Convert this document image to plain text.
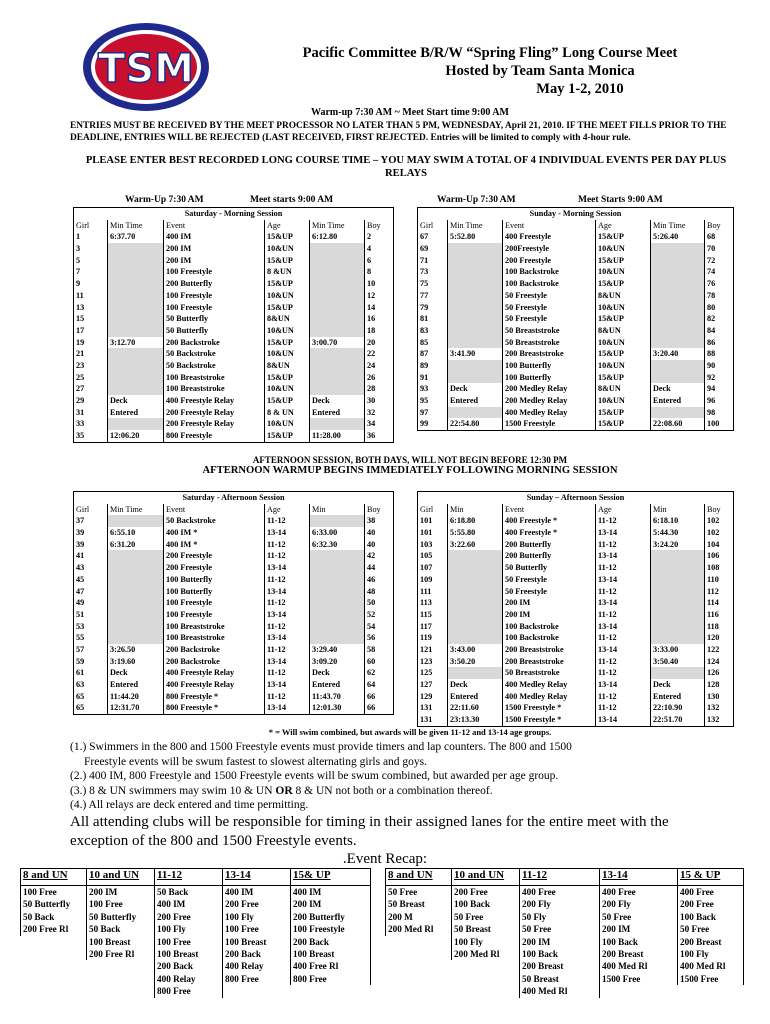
TSM	Pacific Committee B/R/W “Spring Fling” Long Course Meet
Hosted by Team Santa Monica
May 1-2, 2010
Warm-up 7:30 AM ~ Meet Start time 9:00 AM
ENTRIES MUST BE RECEIVED BY THE MEET PROCESSOR NO LATER THAN 5 PM, WEDNESDAY, April 21, 2010. IF THE MEET FILLS PRIOR TO THE DEADLINE, ENTRIES WILL BE REJECTED (LAST RECEIVED, FIRST REJECTED. Entries will be limited to comply with 4-hour rule.
PLEASE ENTER BEST RECORDED LONG COURSE TIME – YOU MAY SWIM A TOTAL OF 4 INDIVIDUAL EVENTS PER DAY PLUS RELAYS
Warm-Up 7:30 AM	Meet starts 9:00 AM	Warm-Up 7:30 AM	Meet Starts 9:00 AM
Saturday - Morning Session					
Girl	Min Time	Event	Age	Min Time	Boy
1	6:37.70	400 IM	15&UP	6:12.80	2
3		200 IM	10&UN		4
5		200 IM	15&UP		6
7		100 Freestyle	8 &UN		8
9		200 Butterfly	15&UP		10
11		100 Freestyle	10&UN		12
13		100 Freestyle	15&UP		14
15		50 Butterfly	8&UN		16
17		50 Butterfly	10&UN		18
19	3:12.70	200 Backstroke	15&UP	3:00.70	20
21		50 Backstroke	10&UN		22
23		50 Backstroke	8&UN		24
25		100 Breaststroke	15&UP		26
27		100 Breaststroke	10&UN		28
29	Deck	400 Freestyle Relay	15&UP	Deck	30
31	Entered	200 Freestyle Relay	8 & UN	Entered	32
33		200 Freestyle Relay	10&UN		34
35	12:06.20	800 Freestyle	15&UP	11:28.00	36
Sunday - Morning Session					
Girl	Min Time	Event	Age	Min Time	Boy
67	5:52.80	400 Freestyle	15&UP	5:26.40	68
69		200Freestyle	10&UN		70
71		200 Freestyle	15&UP		72
73		100 Backstroke	10&UN		74
75		100 Backstroke	15&UP		76
77		50 Freestyle	8&UN		78
79		50 Freestyle	10&UN		80
81		50 Freestyle	15&UP		82
83		50 Breaststroke	8&UN		84
85		50 Breaststroke	10&UN		86
87	3:41.90	200 Breaststroke	15&UP	3:20.40	88
89		100 Butterfly	10&UN		90
91		100 Butterfly	15&UP		92
93	Deck	200 Medley Relay	8&UN	Deck	94
95	Entered	200 Medley Relay	10&UN	Entered	96
97		400 Medley Relay	15&UP		98
99	22:54.80	1500 Freestyle	15&UP	22:08.60	100
AFTERNOON SESSION, BOTH DAYS, WILL NOT BEGIN BEFORE 12:30 PM
AFTERNOON WARMUP BEGINS IMMEDIATELY FOLLOWING MORNING SESSION
Saturday - Afternoon Session					
Girl	Min Time	Event	Age	Min	Boy
37		50 Backstroke	11-12		38
39	6:55.10	400 IM *	13-14	6:33.00	40
39	6:31.20	400 IM *	11-12	6:32.30	40
41		200 Freestyle	11-12		42
43		200 Freestyle	13-14		44
45		100 Butterfly	11-12		46
47		100 Butterfly	13-14		48
49		100 Freestyle	11-12		50
51		100 Freestyle	13-14		52
53		100 Breaststroke	11-12		54
55		100 Breaststroke	13-14		56
57	3:26.50	200 Backstroke	11-12	3:29.40	58
59	3:19.60	200 Backstroke	13-14	3:09.20	60
61	Deck	400 Freestyle Relay	11-12	Deck	62
63	Entered	400 Freestyle Relay	13-14	Entered	64
65	11:44.20	800 Freestyle *	11-12	11:43.70	66
65	12:31.70	800 Freestyle *	13-14	12:01.30	66
Sunday – Afternoon Session					
Girl	Min	Event	Age	Min	Boy
101	6:18.80	400 Freestyle *	11-12	6:18.10	102
101	5:55.80	400 Freestyle *	13-14	5:44.30	102
103	3:22.60	200 Butterfly	11-12	3:24.20	104
105		200 Butterfly	13-14		106
107		50 Butterfly	11-12		108
109		50 Freestyle	13-14		110
111		50 Freestyle	11-12		112
113		200 IM	13-14		114
115		200 IM	11-12		116
117		100 Backstroke	13-14		118
119		100 Backstroke	11-12		120
121	3:43.00	200 Breaststroke	13-14	3:33.00	122
123	3:50.20	200 Breaststroke	11-12	3:50.40	124
125		50 Breaststroke	11-12		126
127	Deck	400 Medley Relay	13-14	Deck	128
129	Entered	400 Medley Relay	11-12	Entered	130
131	22:11.60	1500 Freestyle *	11-12	22:10.90	132
131	23:13.30	1500 Freestyle *	13-14	22:51.70	132
* = Will swim combined, but awards will be given 11-12 and 13-14 age groups.
(1.) Swimmers in the 800 and 1500 Freestyle events must provide timers and lap counters. The 800 and 1500
Freestyle events will be swum fastest to slowest alternating girls and goys.
(2.) 400 IM, 800 Freestyle and 1500 Freestyle events will be swum combined, but awarded per age group.
(3.) 8 & UN swimmers may swim 10 & UN OR 8 & UN not both or a combination thereof.
(4.) All relays are deck entered and time permitting.
All attending clubs will be responsible for timing in their assigned lanes for the entire meet with the exception of the 800 and 1500 Freestyle events.
.Event Recap:
8 and UN	10 and UN	11-12	13-14	15& UP
100 Free	200 IM	50 Back	400 IM	400 IM
50 Butterfly	100 Free	400 IM	200 Free	200 IM
50 Back	50 Butterfly	200 Free	100 Fly	200 Butterfly
200 Free Rl	50 Back	100 Fly	100 Free	100 Freestyle
	100 Breast	100 Free	100 Breast	200 Back
	200 Free Rl	100 Breast	200 Back	100 Breast
		200 Back	400 Relay	400 Free Rl
		400 Relay	800 Free	800 Free
		800 Free		
8 and UN	10 and UN	11-12	13-14	15 & UP
50 Free	200 Free	400 Free	400 Free	400 Free
50 Breast	100 Back	200 Fly	200 Fly	200 Free
200 M	50 Free	50 Fly	50 Free	100 Back
200 Med Rl	50 Breast	50 Free	200 IM	50 Free
	100 Fly	200 IM	100 Back	200 Breast
	200 Med Rl	100 Back	200 Breast	100 Fly
		200 Breast	400 Med Rl	400 Med Rl
		50 Breast	1500 Free	1500 Free
		400 Med Rl		
